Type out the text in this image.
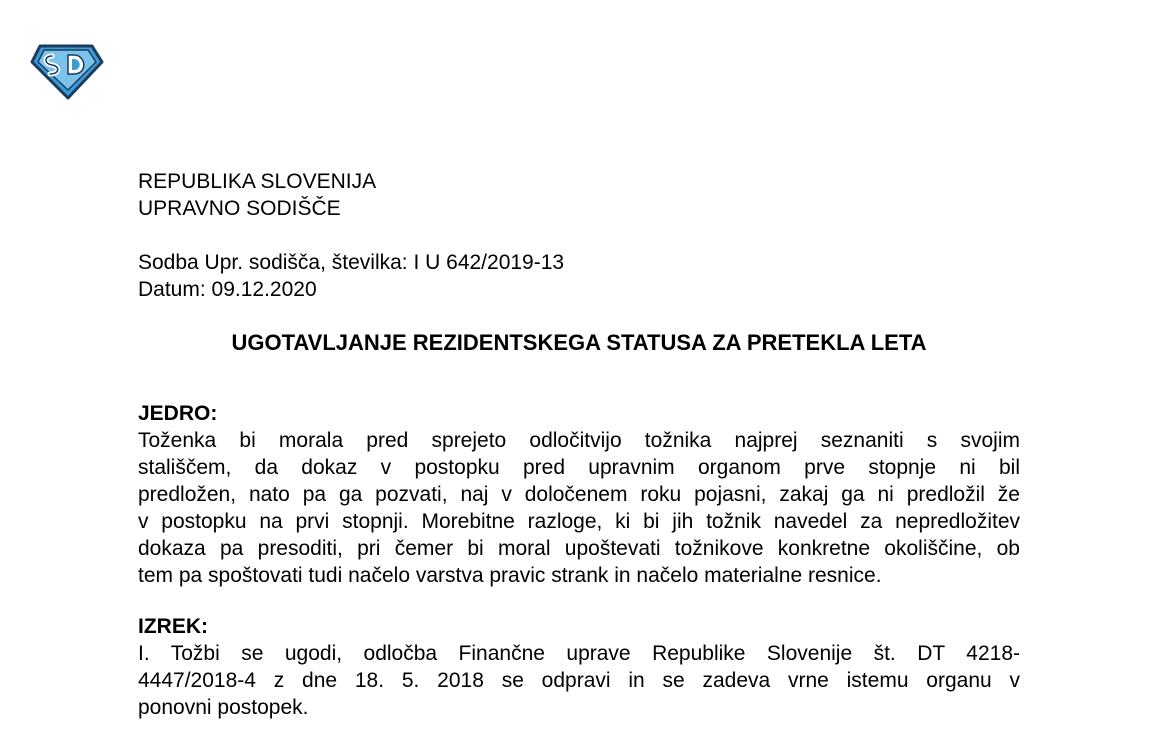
REPUBLIKA SLOVENIJA
UPRAVNO SODIŠČE
Sodba Upr. sodišča, številka: I U 642/2019-13
Datum: 09.12.2020
UGOTAVLJANJE REZIDENTSKEGA STATUSA ZA PRETEKLA LETA
JEDRO:
Toženka bi morala pred sprejeto odločitvijo tožnika najprej seznaniti s svojim
stališčem, da dokaz v postopku pred upravnim organom prve stopnje ni bil
predložen, nato pa ga pozvati, naj v določenem roku pojasni, zakaj ga ni predložil že
v postopku na prvi stopnji. Morebitne razloge, ki bi jih tožnik navedel za nepredložitev
dokaza pa presoditi, pri čemer bi moral upoštevati tožnikove konkretne okoliščine, ob
tem pa spoštovati tudi načelo varstva pravic strank in načelo materialne resnice.
IZREK:
I. Tožbi se ugodi, odločba Finančne uprave Republike Slovenije št. DT 4218-
4447/2018-4 z dne 18. 5. 2018 se odpravi in se zadeva vrne istemu organu v
ponovni postopek.
